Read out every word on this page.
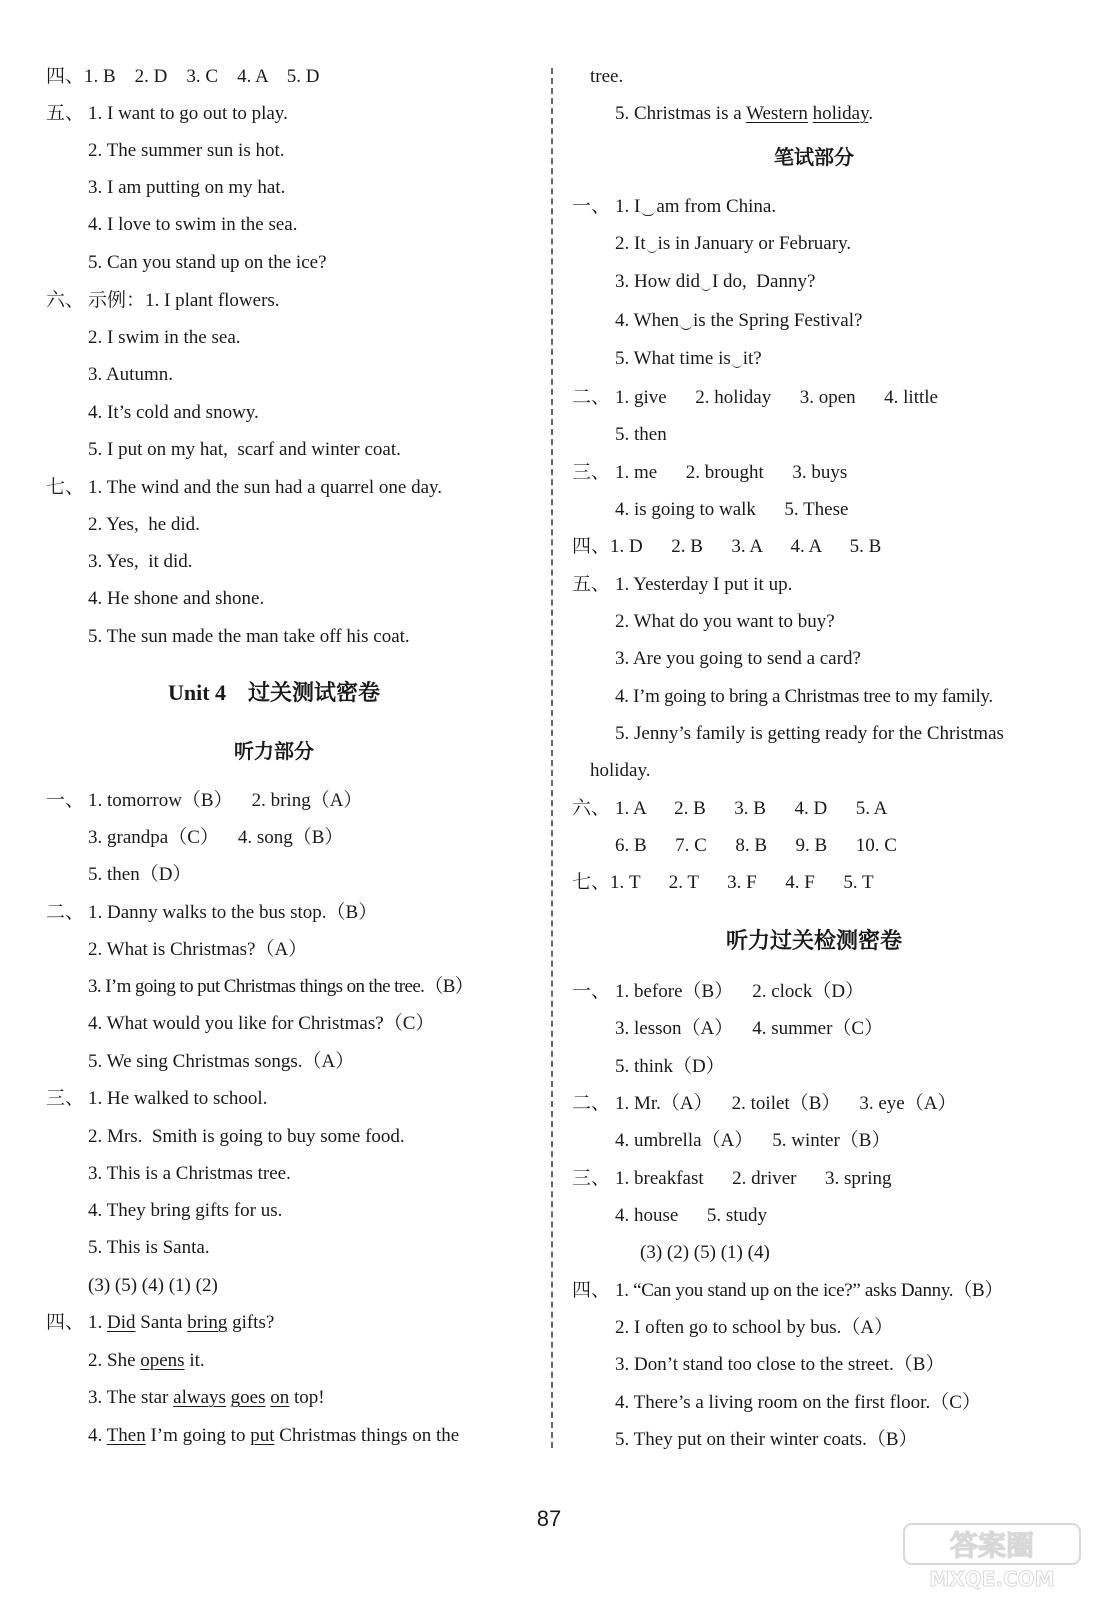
四、1. B    2. D    3. C    4. A    5. D
五、 1. I want to go out to play.
2. The summer sun is hot.
3. I am putting on my hat.
4. I love to swim in the sea.
5. Can you stand up on the ice?
六、 示例：1. I plant flowers.
2. I swim in the sea.
3. Autumn.
4. It’s cold and snowy.
5. I put on my hat,  scarf and winter coat.
七、 1. The wind and the sun had a quarrel one day.
2. Yes,  he did.
3. Yes,  it did.
4. He shone and shone.
5. The sun made the man take off his coat.
Unit 4    过关测试密卷
听力部分
一、 1. tomorrow（B）    2. bring（A）
3. grandpa（C）    4. song（B）
5. then（D）
二、 1. Danny walks to the bus stop.（B）
2. What is Christmas?（A）
3. I’m going to put Christmas things on the tree.（B）
4. What would you like for Christmas?（C）
5. We sing Christmas songs.（A）
三、 1. He walked to school.
2. Mrs.  Smith is going to buy some food.
3. This is a Christmas tree.
4. They bring gifts for us.
5. This is Santa.
(3) (5) (4) (1) (2)
四、 1. Did Santa bring gifts?
2. She opens it.
3. The star always goes on top!
4. Then I’m going to put Christmas things on the
tree.
5. Christmas is a Western holiday.
笔试部分
一、 1. I am from China.
2. It is in January or February.
3. How did I do,  Danny?
4. When is the Spring Festival?
5. What time is it?
二、 1. give      2. holiday      3. open      4. little
5. then
三、 1. me      2. brought      3. buys
4. is going to walk      5. These
四、1. D      2. B      3. A      4. A      5. B
五、 1. Yesterday I put it up.
2. What do you want to buy?
3. Are you going to send a card?
4. I’m going to bring a Christmas tree to my family.
5. Jenny’s family is getting ready for the Christmas
holiday.
六、 1. A      2. B      3. B      4. D      5. A
6. B      7. C      8. B      9. B      10. C
七、1. T      2. T      3. F      4. F      5. T
听力过关检测密卷
一、 1. before（B）    2. clock（D）
3. lesson（A）    4. summer（C）
5. think（D）
二、 1. Mr.（A）    2. toilet（B）    3. eye（A）
4. umbrella（A）    5. winter（B）
三、 1. breakfast      2. driver      3. spring
4. house      5. study
(3) (2) (5) (1) (4)
四、 1. “Can you stand up on the ice?” asks Danny.（B）
2. I often go to school by bus.（A）
3. Don’t stand too close to the street.（B）
4. There’s a living room on the first floor.（C）
5. They put on their winter coats.（B）
87
答案圈
MXQE.COM
